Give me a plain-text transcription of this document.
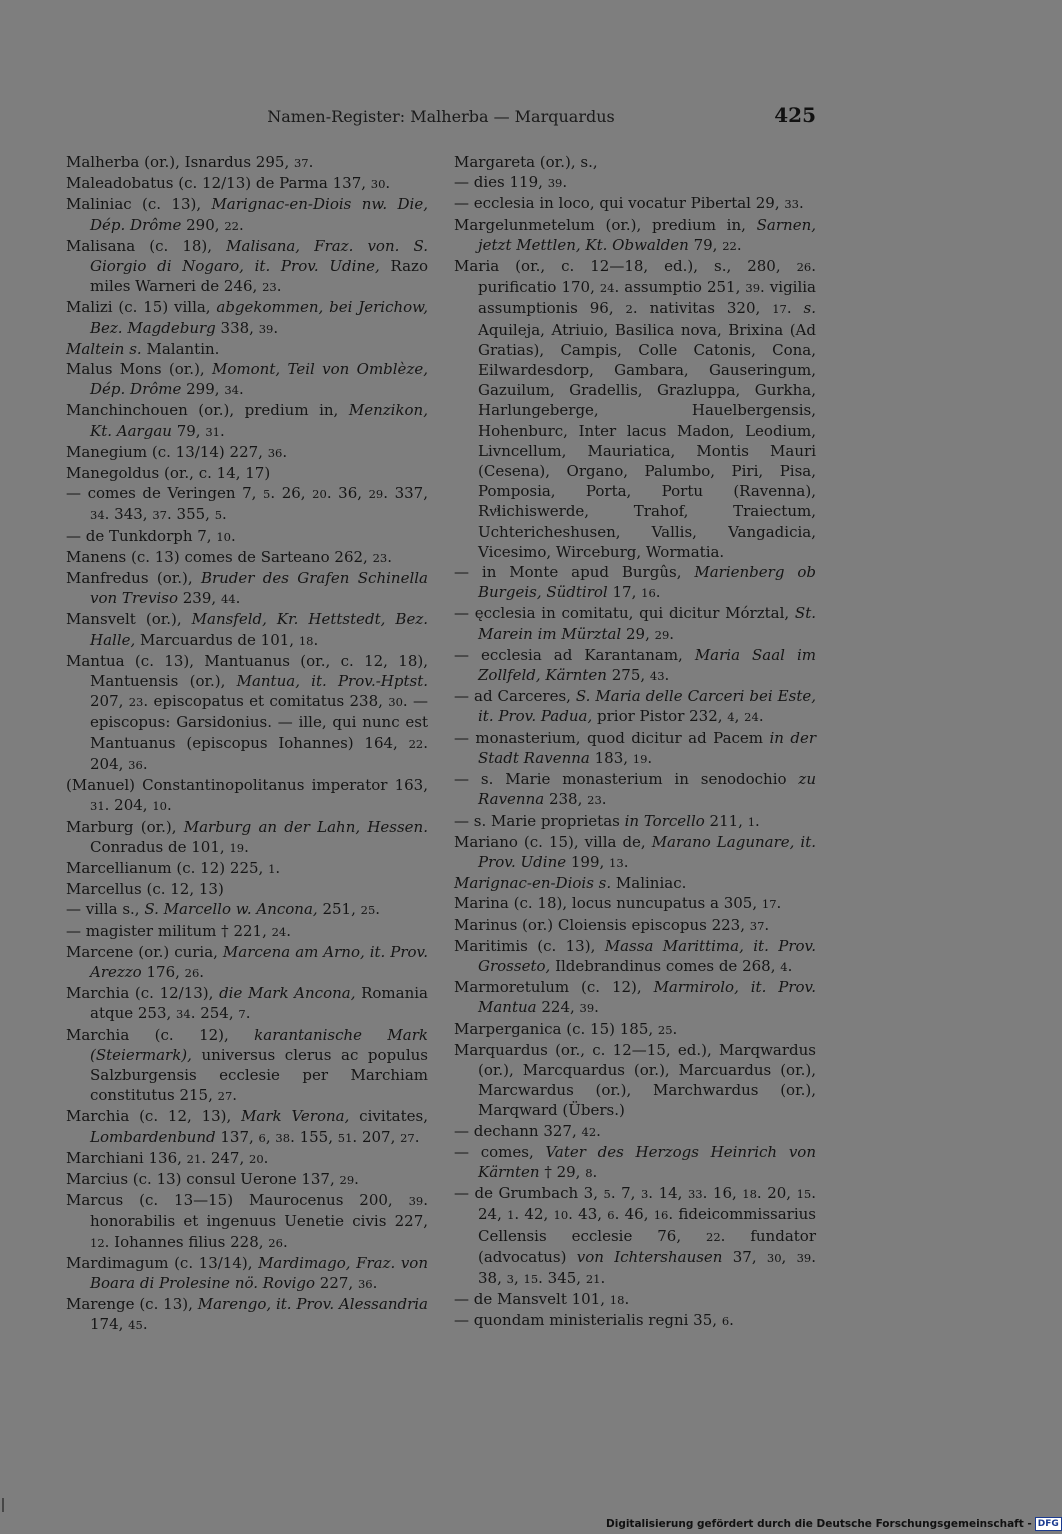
Namen-Register: Malherba — Marquardus	425

Malherba (or.), Isnardus 295, 37.

Maleadobatus (c. 12/13) de Parma 137, 30.

Maliniac (c. 13), Marignac-en-Diois nw. Die, Dép. Drôme 290, 22.

Malisana (c. 18), Malisana, Fraz. von. S. Giorgio di Nogaro, it. Prov. Udine, Razo miles Warneri de 246, 23.

Malizi (c. 15) villa, abgekommen, bei Jerichow, Bez. Magdeburg 338, 39.

Maltein s. Malantin.

Malus Mons (or.), Momont, Teil von Omblèze, Dép. Drôme 299, 34.

Manchinchouen (or.), predium in, Menzikon, Kt. Aargau 79, 31.

Manegium (c. 13/14) 227, 36.

Manegoldus (or., c. 14, 17)

— comes de Veringen 7, 5. 26, 20. 36, 29. 337, 34. 343, 37. 355, 5.

— de Tunkdorph 7, 10.

Manens (c. 13) comes de Sarteano 262, 23.

Manfredus (or.), Bruder des Grafen Schinella von Treviso 239, 44.

Mansvelt (or.), Mansfeld, Kr. Hettstedt, Bez. Halle, Marcuardus de 101, 18.

Mantua (c. 13), Mantuanus (or., c. 12, 18), Mantuensis (or.), Mantua, it. Prov.-Hptst. 207, 23. episcopatus et comitatus 238, 30. — episcopus: Garsidonius. — ille, qui nunc est Mantuanus (episcopus Iohannes) 164, 22. 204, 36.

(Manuel) Constantinopolitanus imperator 163, 31. 204, 10.

Marburg (or.), Marburg an der Lahn, Hessen. Conradus de 101, 19.

Marcellianum (c. 12) 225, 1.

Marcellus (c. 12, 13)

— villa s., S. Marcello w. Ancona, 251, 25.

— magister militum † 221, 24.

Marcene (or.) curia, Marcena am Arno, it. Prov. Arezzo 176, 26.

Marchia (c. 12/13), die Mark Ancona, Romania atque 253, 34. 254, 7.

Marchia (c. 12), karantanische Mark (Steiermark), universus clerus ac populus Salzburgensis ecclesie per Marchiam constitutus 215, 27.

Marchia (c. 12, 13), Mark Verona, civitates, Lombardenbund 137, 6, 38. 155, 51. 207, 27.

Marchiani 136, 21. 247, 20.

Marcius (c. 13) consul Uerone 137, 29.

Marcus (c. 13—15) Maurocenus 200, 39. honorabilis et ingenuus Uenetie civis 227, 12. Iohannes filius 228, 26.

Mardimagum (c. 13/14), Mardimago, Fraz. von Boara di Prolesine nö. Rovigo 227, 36.

Marenge (c. 13), Marengo, it. Prov. Alessandria 174, 45.

Margareta (or.), s.,

— dies 119, 39.

— ecclesia in loco, qui vocatur Pibertal 29, 33.

Margelunmetelum (or.), predium in, Sarnen, jetzt Mettlen, Kt. Obwalden 79, 22.

Maria (or., c. 12—18, ed.), s., 280, 26. purificatio 170, 24. assumptio 251, 39. vigilia assumptionis 96, 2. nativitas 320, 17. s. Aquileja, Atriuio, Basilica nova, Brixina (Ad Gratias), Campis, Colle Catonis, Cona, Eilwardesdorp, Gambara, Gauseringum, Gazuilum, Gradellis, Grazluppa, Gurkha, Harlungeberge, Hauelbergensis, Hohenburc, Inter lacus Madon, Leodium, Livncellum, Mauriatica, Montis Mauri (Cesena), Organo, Palumbo, Piri, Pisa, Pomposia, Porta, Portu (Ravenna), Rvͦlichiswerde, Trahof, Traiectum, Uchtericheshusen, Vallis, Vangadicia, Vicesimo, Wirceburg, Wormatia.

— in Monte apud Burgûs, Marienberg ob Burgeis, Südtirol 17, 16.

— ęcclesia in comitatu, qui dicitur Mórztal, St. Marein im Mürztal 29, 29.

— ecclesia ad Karantanam, Maria Saal im Zollfeld, Kärnten 275, 43.

— ad Carceres, S. Maria delle Carceri bei Este, it. Prov. Padua, prior Pistor 232, 4, 24.

— monasterium, quod dicitur ad Pacem in der Stadt Ravenna 183, 19.

— s. Marie monasterium in senodochio zu Ravenna 238, 23.

— s. Marie proprietas in Torcello 211, 1.

Mariano (c. 15), villa de, Marano Lagunare, it. Prov. Udine 199, 13.

Marignac-en-Diois s. Maliniac.

Marina (c. 18), locus nuncupatus a 305, 17.

Marinus (or.) Cloiensis episcopus 223, 37.

Maritimis (c. 13), Massa Marittima, it. Prov. Grosseto, Ildebrandinus comes de 268, 4.

Marmoretulum (c. 12), Marmirolo, it. Prov. Mantua 224, 39.

Marperganica (c. 15) 185, 25.

Marquardus (or., c. 12—15, ed.), Marqwardus (or.), Marcquardus (or.), Marcuardus (or.), Marcwardus (or.), Marchwardus (or.), Marqward (Übers.)

— dechann 327, 42.

— comes, Vater des Herzogs Heinrich von Kärnten † 29, 8.

— de Grumbach 3, 5. 7, 3. 14, 33. 16, 18. 20, 15. 24, 1. 42, 10. 43, 6. 46, 16. fideicommissarius Cellensis ecclesie 76, 22. fundator (advocatus) von Ichtershausen 37, 30, 39. 38, 3, 15. 345, 21.

— de Mansvelt 101, 18.

— quondam ministerialis regni 35, 6.

Digitalisierung gefördert durch die Deutsche Forschungsgemeinschaft - DFG
